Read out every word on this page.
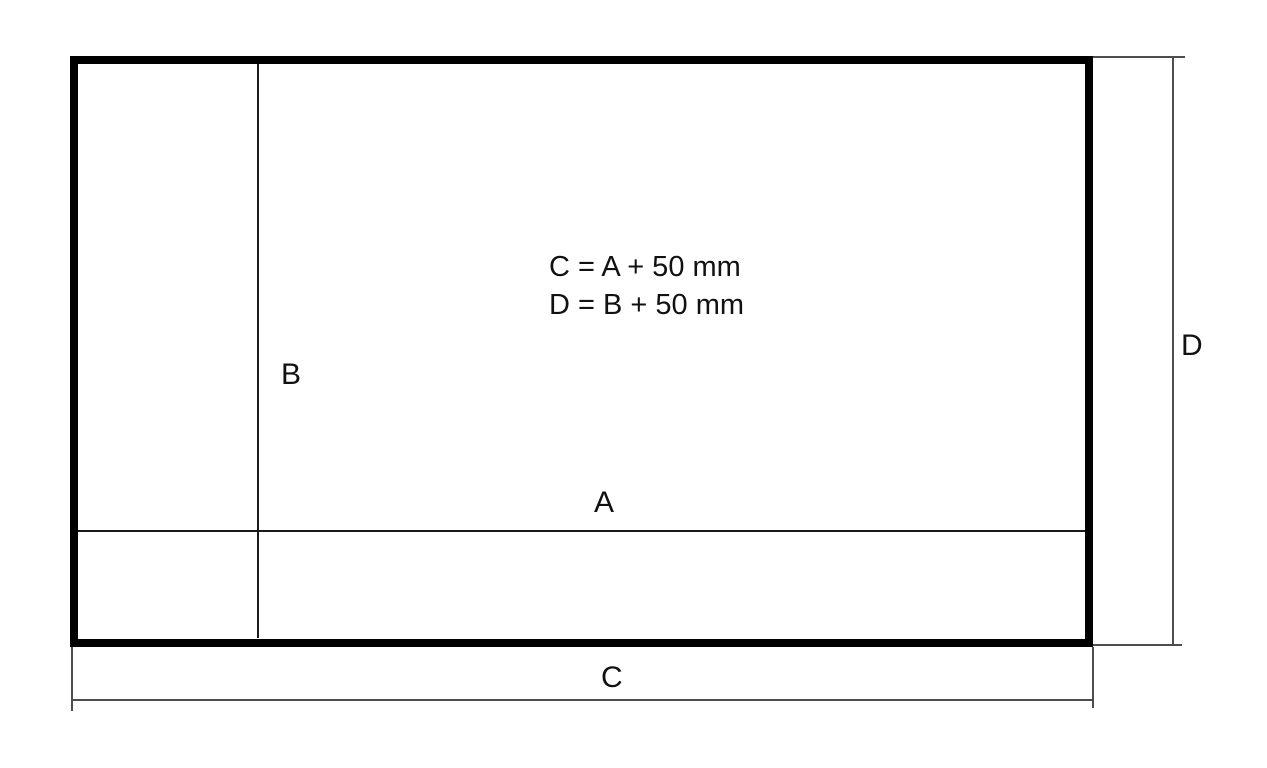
B
A
C
D
C = A + 50 mm
D = B + 50 mm
